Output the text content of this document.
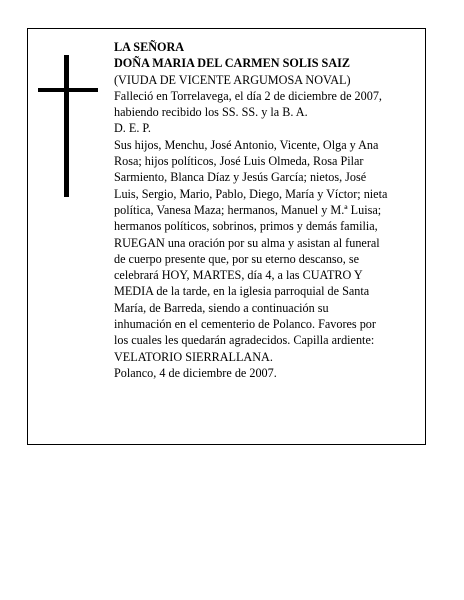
LA SEÑORA
DOÑA MARIA DEL CARMEN SOLIS SAIZ
(VIUDA DE VICENTE ARGUMOSA NOVAL)
Falleció en Torrelavega, el día 2 de diciembre de 2007,
habiendo recibido los SS. SS. y la B. A.
D. E. P.
Sus hijos, Menchu, José Antonio, Vicente, Olga y Ana
Rosa; hijos políticos, José Luis Olmeda, Rosa Pilar
Sarmiento, Blanca Díaz y Jesús García; nietos, José
Luis, Sergio, Mario, Pablo, Diego, María y Víctor; nieta
política, Vanesa Maza; hermanos, Manuel y M.ª Luisa;
hermanos políticos, sobrinos, primos y demás familia,
RUEGAN una oración por su alma y asistan al funeral
de cuerpo presente que, por su eterno descanso, se
celebrará HOY, MARTES, día 4, a las CUATRO Y
MEDIA de la tarde, en la iglesia parroquial de Santa
María, de Barreda, siendo a continuación su
inhumación en el cementerio de Polanco. Favores por
los cuales les quedarán agradecidos. Capilla ardiente:
VELATORIO SIERRALLANA.
Polanco, 4 de diciembre de 2007.
